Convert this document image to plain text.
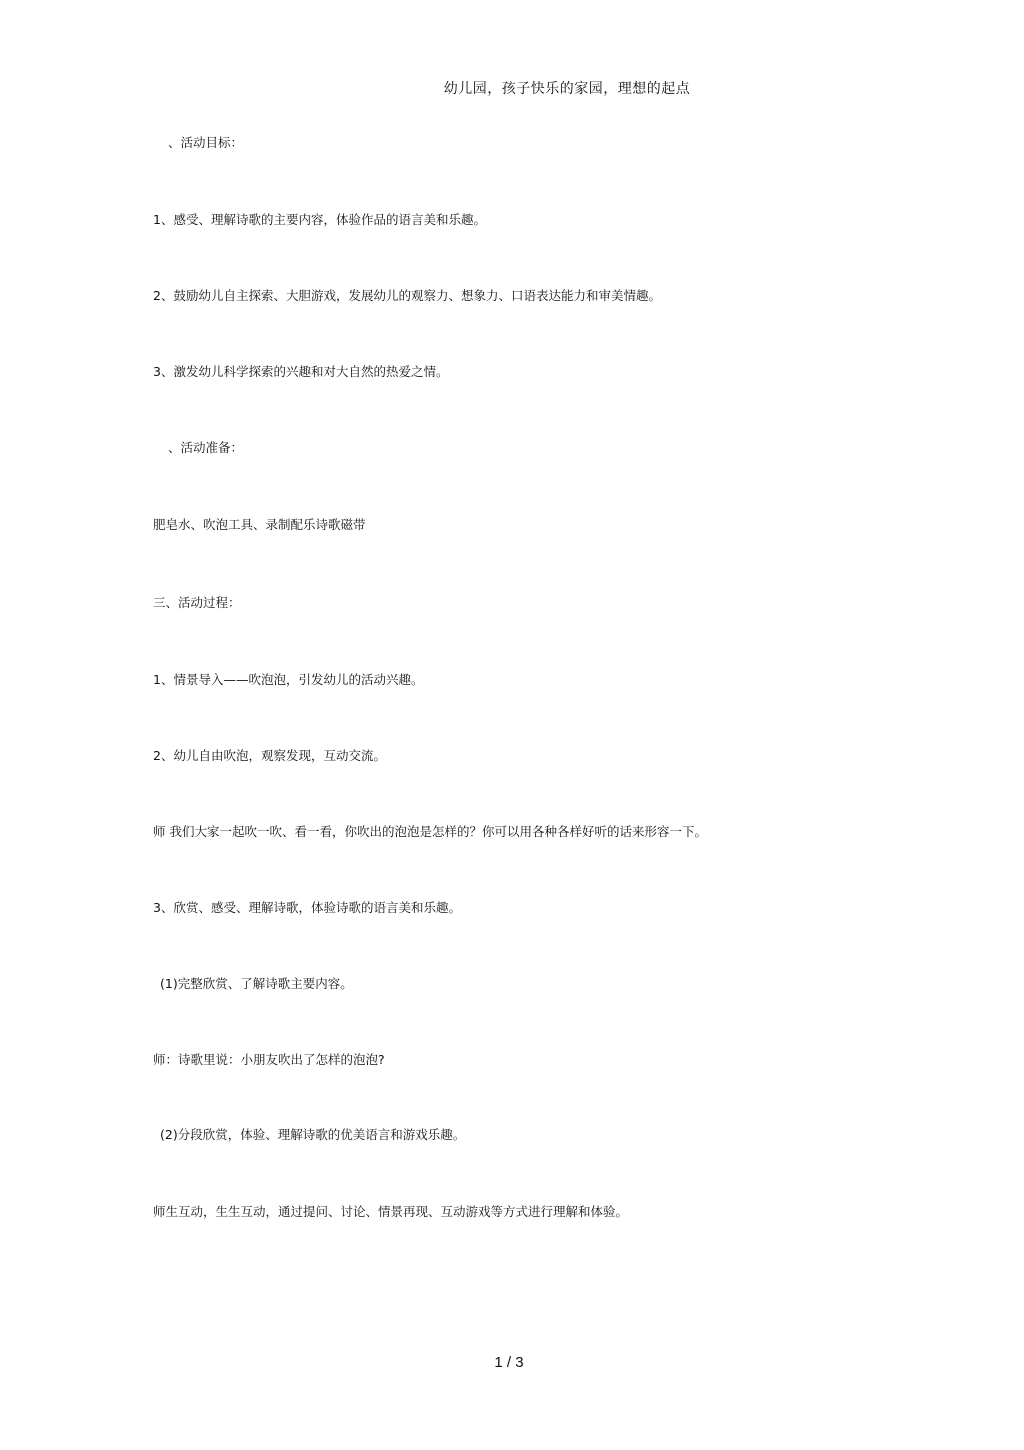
幼儿园，孩子快乐的家园，理想的起点
、活动目标：
1、感受、理解诗歌的主要内容，体验作品的语言美和乐趣。
2、鼓励幼儿自主探索、大胆游戏，发展幼儿的观察力、想象力、口语表达能力和审美情趣。
3、激发幼儿科学探索的兴趣和对大自然的热爱之情。
、活动准备：
肥皂水、吹泡工具、录制配乐诗歌磁带
三、活动过程：
1、情景导入——吹泡泡，引发幼儿的活动兴趣。
2、幼儿自由吹泡，观察发现，互动交流。
师 我们大家一起吹一吹、看一看，你吹出的泡泡是怎样的？你可以用各种各样好听的话来形容一下。
3、欣赏、感受、理解诗歌，体验诗歌的语言美和乐趣。
(1)完整欣赏、了解诗歌主要内容。
师：诗歌里说：小朋友吹出了怎样的泡泡?
(2)分段欣赏，体验、理解诗歌的优美语言和游戏乐趣。
师生互动，生生互动，通过提问、讨论、情景再现、互动游戏等方式进行理解和体验。
1 / 3
